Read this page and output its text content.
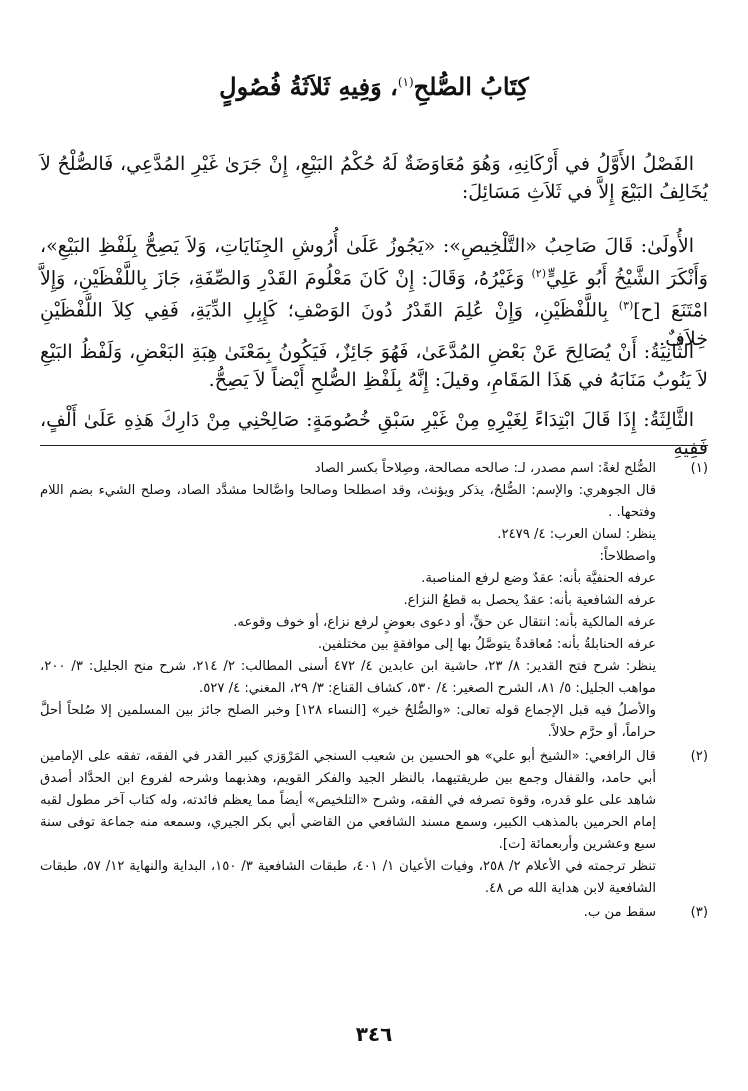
كِتَابُ الصُّلحِ$^{(١)}$، وَفِيهِ ثَلاَثَةُ فُصُولٍ

الفَصْلُ الأَوَّلُ في أَرْكَانِهِ، وَهُوَ مُعَاوَضَةٌ لَهُ حُكْمُ البَيْعِ، إِنْ جَرَىٰ غَيْرِ المُدَّعِي، فَالصُّلْحُ لاَ يُخَالِفُ البَيْعَ إِلاَّ في ثَلاَثِ مَسَائِلَ:

الأُولَىٰ: قَالَ صَاحِبُ «التَّلْخِيصِ»: «يَجُوزُ عَلَىٰ أُرُوشِ الجِنَايَاتِ، وَلاَ يَصِحُّ بِلَفْظِ البَيْعِ»، وَأَنْكَرَ الشَّيْخُ أَبُو عَلِيٍّ$^{(٢)}$ وَغَيْرُهُ، وَقَالَ: إِنْ كَانَ مَعْلُومَ القَدْرِ وَالصِّفَةِ، جَازَ بِاللَّفْظَيْنِ، وَإِلاَّ امْتَنَعَ [ح]$^{(٣)}$ بِاللَّفْظَيْنِ، وَإِنْ عُلِمَ القَدْرُ دُونَ الوَصْفِ؛ كَإِبِلِ الدِّيَةِ، فَفِي كِلاَ اللَّفْظَيْنِ خِلاَفٌ.

الثَّانِيَةُ: أَنْ يُصَالِحَ عَنْ بَعْضِ المُدَّعَىٰ، فَهُوَ جَائِزٌ، فَيَكُونُ بِمَعْنَىٰ هِبَةِ البَعْضِ، وَلَفْظُ البَيْعِ لاَ يَنُوبُ مَنَابَهُ في هَذَا المَقَامِ، وقيلَ: إِنَّهُ بِلَفْظِ الصُّلحِ أَيْضاً لاَ يَصِحُّ.

الثَّالِثَةُ: إِذَا قَالَ ابْتِدَاءً لِغَيْرِهِ مِنْ غَيْرِ سَبْقِ خُصُومَةٍ: صَالِحْنِي مِنْ دَارِكَ هَذِهِ عَلَىٰ أَلْفٍ، فَفِيهِ

(١)

الصُّلح لغةً: اسم مصدر، لـ: صالحه مصالحة، وصِلاحاً بكسر الصاد

قال الجوهري: والإسم: الصُّلحُ، يذكر ويؤنث، وقد اصطلحا وصالحا واصَّالحا مشدَّد الصاد، وصلح الشيء بضم اللام وفتحها. .

ينظر: لسان العرب: ٤/ ٢٤٧٩.

واصطلاحاً:

عرفه الحنفيَّة بأنه: عقدٌ وضع لرفع المناصبة.

عرفه الشافعية بأنه: عقدٌ يحصل به قطعُ النزاع.

عرفه المالكية بأنه: انتقال عن حقٍّ، أو دعوى بعوضٍ لرفع نزاع، أو خوف وقوعه.

عرفه الحنابلةُ بأنه: مُعاقدةٌ يتوصَّلُ بها إلى موافقةٍ بين مختلفين.

ينظر: شرح فتح القدير: ٨/ ٢٣، حاشية ابن عابدين ٤/ ٤٧٢ أسنى المطالب: ٢/ ٢١٤، شرح منح الجليل: ٣/ ٢٠٠، مواهب الجليل: ٥/ ٨١، الشرح الصغير: ٤/ ٥٣٠، كشاف القناع: ٣/ ٢٩، المغني: ٤/ ٥٢٧.

والأصلُ فيه قبل الإجماع قوله تعالى: «والصُّلحُ خير» [النساء ١٢٨] وخبر الصلح جائز بين المسلمين إلا صُلحاً أحلَّ حراماً، أو حرَّم حلالاً.

(٢)

قال الرافعي: «الشيخ أبو علي» هو الحسين بن شعيب السنجي المَرْوَزي كبير القدر في الفقه، تفقه على الإمامين أبي حامد، والقفال وجمع بين طريقتيهما، بالنظر الجيد والفكر القويم، وهذبهما وشرحه لفروع ابن الحدَّاد أصدق شاهد على علو قدره، وقوة تصرفه في الفقه، وشرح «التلخيص» أيضاً مما يعظم فائدته، وله كتاب آخر مطول لقبه إمام الحرمين بالمذهب الكبير، وسمع مسند الشافعي من القاضي أبي بكر الجيري، وسمعه منه جماعة توفى سنة سبع وعشرين وأربعمائة [ت].

تنظر ترجمته في الأعلام ٢/ ٢٥٨، وفيات الأعيان ١/ ٤٠١، طبقات الشافعية ٣/ ١٥٠، البداية والنهاية ١٢/ ٥٧، طبقات الشافعية لابن هداية الله ص ٤٨.

(٣)

سقط من ب.

٣٤٦
